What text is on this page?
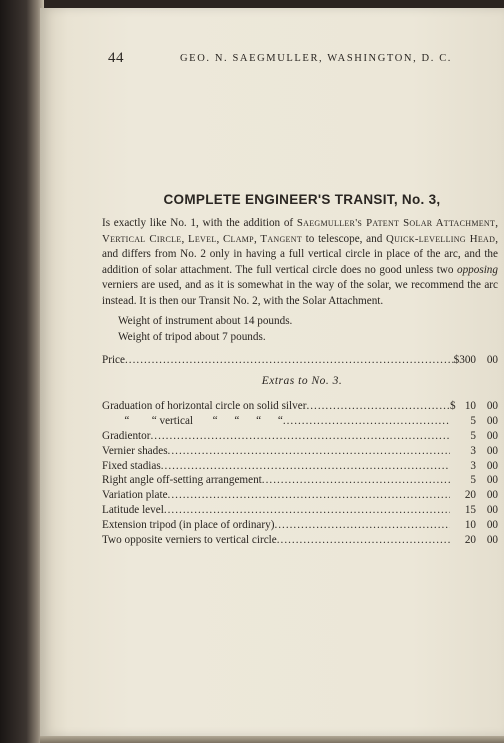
44	GEO. N. SAEGMULLER, WASHINGTON, D. C.
COMPLETE ENGINEER'S TRANSIT, No. 3,

Is exactly like No. 1, with the addition of Saegmuller's Patent Solar Attachment, Vertical Circle, Level, Clamp, Tangent to telescope, and Quick-levelling Head, and differs from No. 2 only in having a full vertical circle in place of the arc, and the addition of solar attachment. The full vertical circle does no good unless two opposing verniers are used, and as it is somewhat in the way of the solar, we recommend the arc instead. It is then our Transit No. 2, with the Solar Attachment.

Weight of instrument about 14 pounds.
Weight of tripod about 7 pounds.
Price .....	$300 00
Extras to No. 3.
Graduation of horizontal circle on solid silver .....	$ 10 00
“        “ vertical       “      “      “      “ .....	5 00
Gradientor .....	5 00
Vernier shades .....	3 00
Fixed stadias .....	3 00
Right angle off-setting arrangement .....	5 00
Variation plate .....	20 00
Latitude level .....	15 00
Extension tripod (in place of ordinary) .....	10 00
Two opposite verniers to vertical circle .....	20 00
